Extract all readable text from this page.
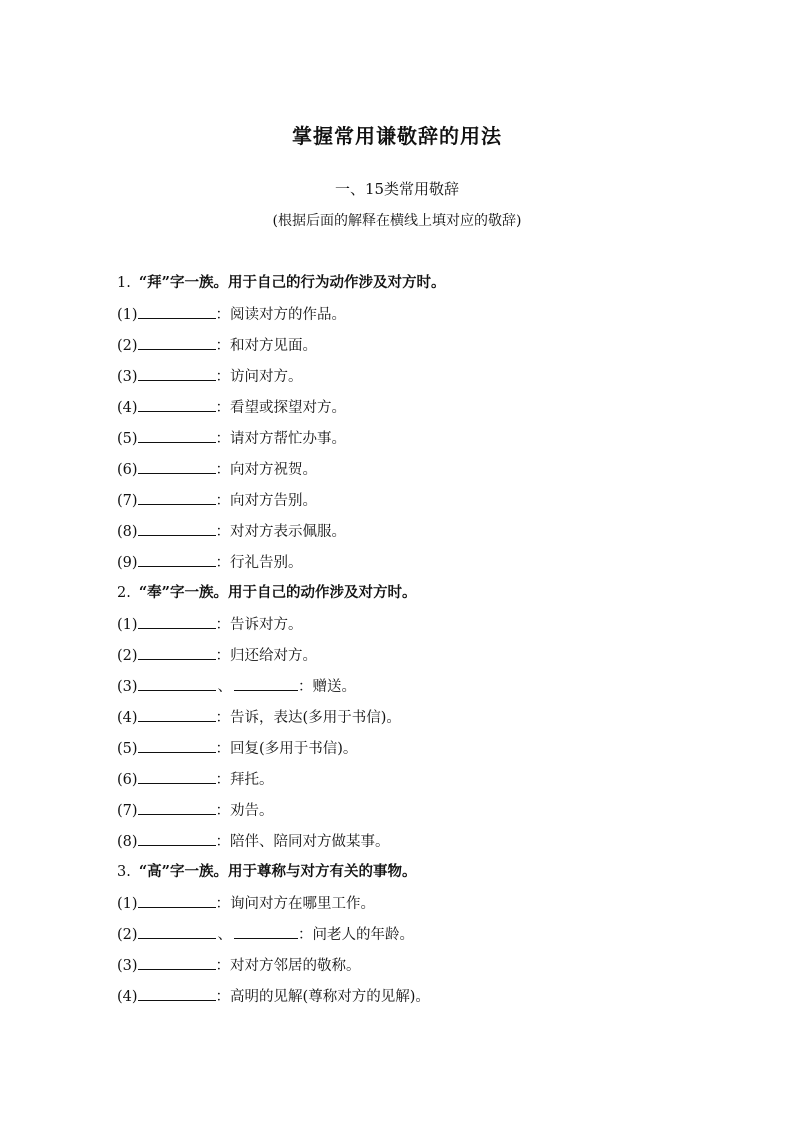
掌握常用谦敬辞的用法
一、15类常用敬辞
(根据后面的解释在横线上填对应的敬辞)
1. “拜”字一族。用于自己的行为动作涉及对方时。
(1)	：阅读对方的作品。
(2)	：和对方见面。
(3)	：访问对方。
(4)	：看望或探望对方。
(5)	：请对方帮忙办事。
(6)	：向对方祝贺。
(7)	：向对方告别。
(8)	：对对方表示佩服。
(9)	：行礼告别。
2. “奉”字一族。用于自己的动作涉及对方时。
(1)	：告诉对方。
(2)	：归还给对方。
(3)	、	：赠送。
(4)	：告诉，表达(多用于书信)。
(5)	：回复(多用于书信)。
(6)	：拜托。
(7)	：劝告。
(8)	：陪伴、陪同对方做某事。
3. “高”字一族。用于尊称与对方有关的事物。
(1)	：询问对方在哪里工作。
(2)	、	：问老人的年龄。
(3)	：对对方邻居的敬称。
(4)	：高明的见解(尊称对方的见解)。
